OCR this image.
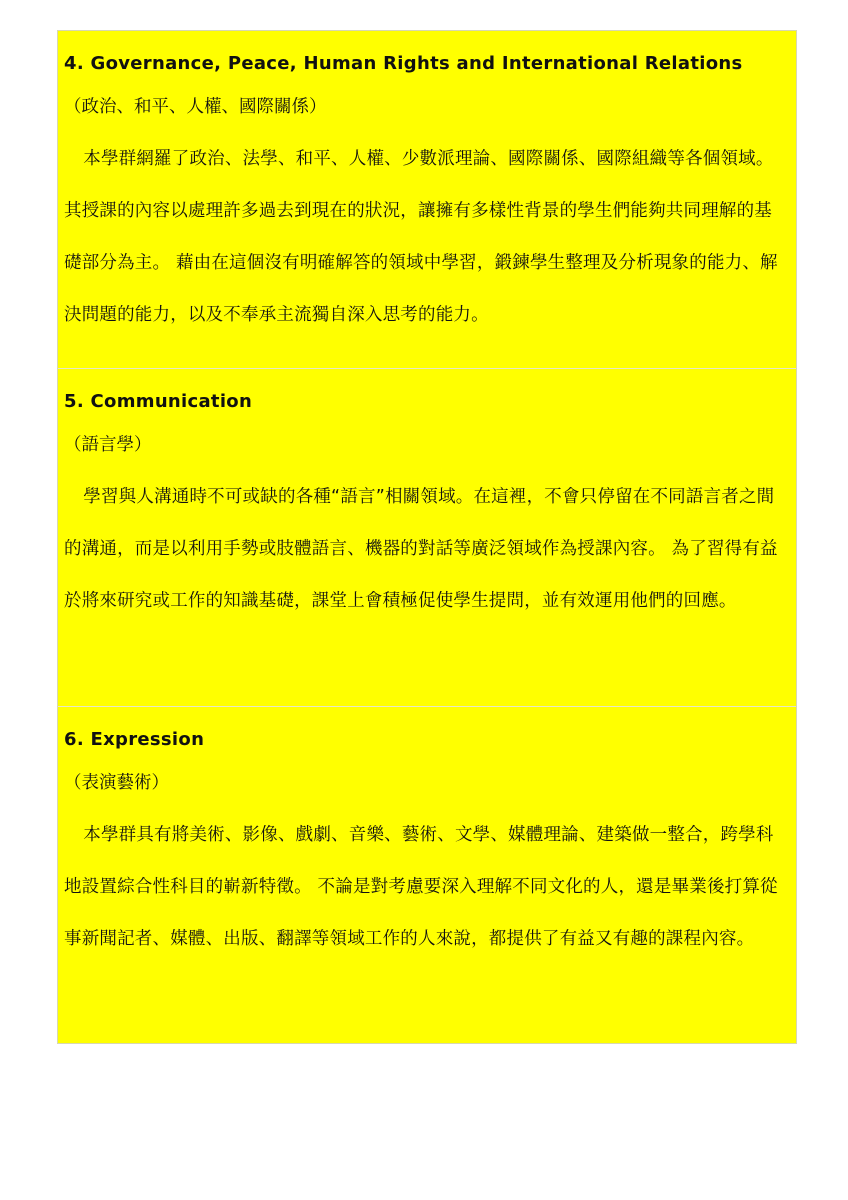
4. Governance, Peace, Human Rights and International Relations
（政治、和平、人權、國際關係）
本學群網羅了政治、法學、和平、人權、少數派理論、國際關係、國際組織等各個領域。其授課的內容以處理許多過去到現在的狀況，讓擁有多樣性背景的學生們能夠共同理解的基礎部分為主。 藉由在這個沒有明確解答的領域中學習，鍛鍊學生整理及分析現象的能力、解決問題的能力，以及不奉承主流獨自深入思考的能力。
5. Communication
（語言學）
學習與人溝通時不可或缺的各種“語言”相關領域。在這裡，不會只停留在不同語言者之間的溝通，而是以利用手勢或肢體語言、機器的對話等廣泛領域作為授課內容。 為了習得有益於將來研究或工作的知識基礎，課堂上會積極促使學生提問，並有效運用他們的回應。
6. Expression
（表演藝術）
本學群具有將美術、影像、戲劇、音樂、藝術、文學、媒體理論、建築做一整合，跨學科地設置綜合性科目的嶄新特徵。 不論是對考慮要深入理解不同文化的人，還是畢業後打算從事新聞記者、媒體、出版、翻譯等領域工作的人來說，都提供了有益又有趣的課程內容。
